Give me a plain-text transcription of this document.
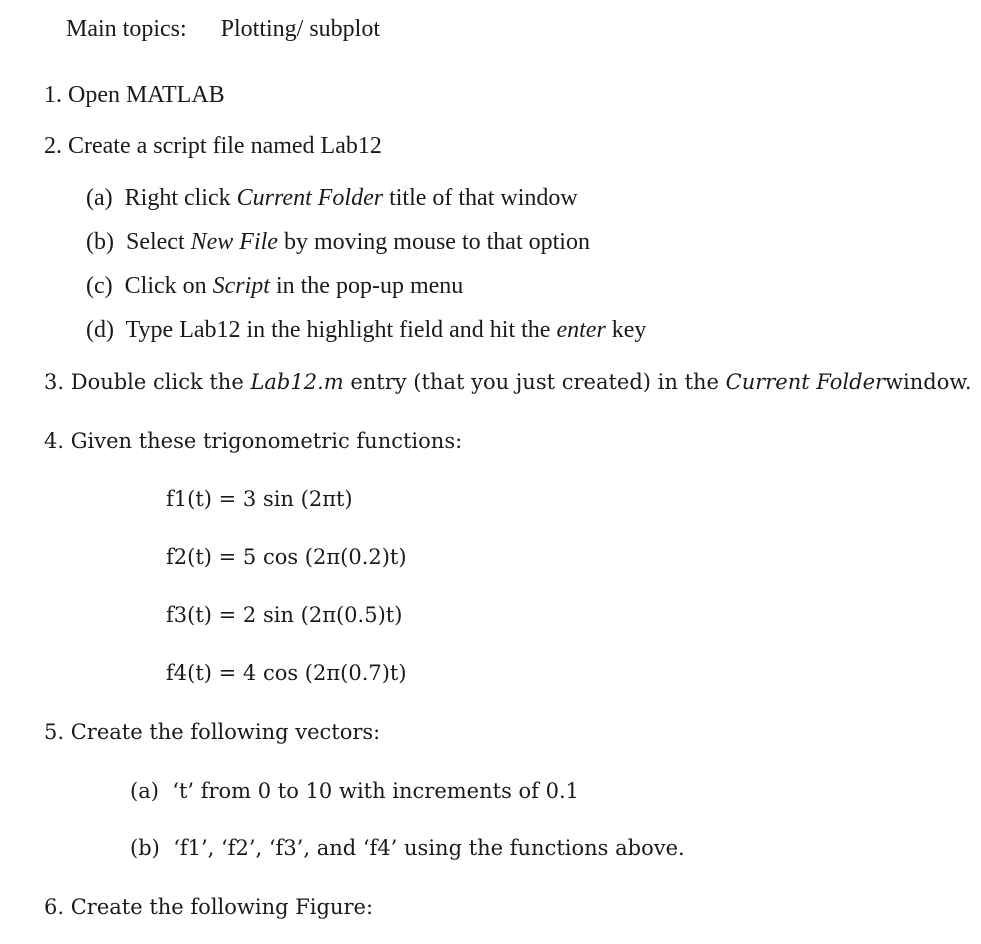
Main topics: Plotting/ subplot
1. Open MATLAB
2. Create a script file named Lab12
(a) Right click Current Folder title of that window
(b) Select New File by moving mouse to that option
(c) Click on Script in the pop-up menu
(d) Type Lab12 in the highlight field and hit the enter key
3. Double click the Lab12.m entry (that you just created) in the Current Folderwindow.
4. Given these trigonometric functions:
f1(t) = 3 sin (2πt)
f2(t) = 5 cos (2π(0.2)t)
f3(t) = 2 sin (2π(0.5)t)
f4(t) = 4 cos (2π(0.7)t)
5. Create the following vectors:
(a) ‘t’ from 0 to 10 with increments of 0.1
(b) ‘f1’, ‘f2’, ‘f3’, and ‘f4’ using the functions above.
6. Create the following Figure:
